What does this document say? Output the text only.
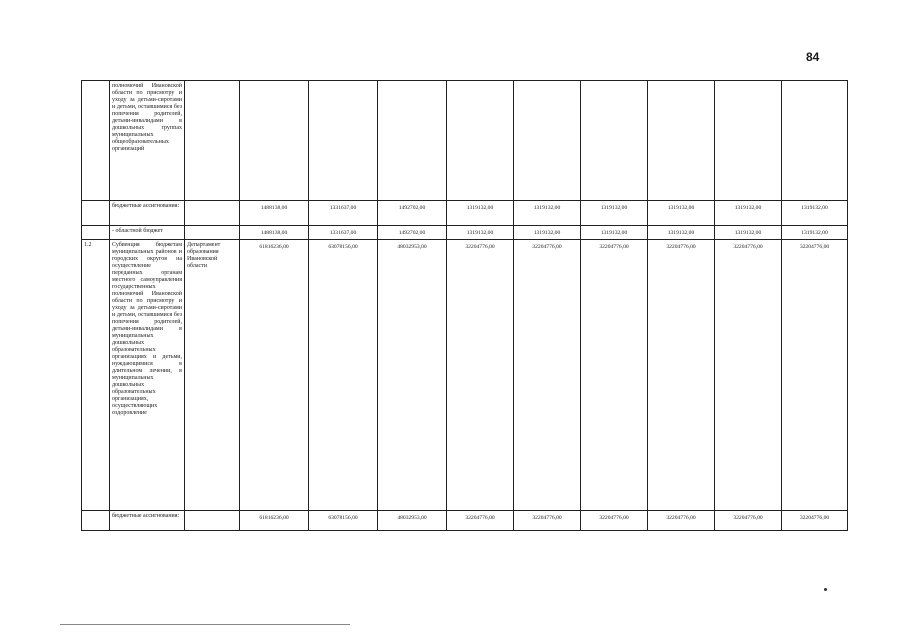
84
	полномочий Ивановской области по присмотру и уходу за детьми-сиротами и детьми, оставшимися без попечения родителей, детьми-инвалидами в дошкольных группах муниципальных общеобразовательных организаций										
	бюджетные ассигнования:		1488138,00	1331637,00	1492702,00	1319132,00	1319132,00	1319132,00	1319132,00	1319132,00	1319132,00
	- областной бюджет		1488138,00	1331637,00	1492702,00	1319132,00	1319132,00	1319132,00	1319132,00	1319132,00	1319132,00
1.2	Субвенция бюджетам муниципальных районов и городских округов на осуществление переданных органам местного самоуправления государственных полномочий Ивановской области по присмотру и уходу за детьми-сиротами и детьми, оставшимися без попечения родителей, детьми-инвалидами в муниципальных дошкольных образовательных организациях и детьми, нуждающимися в длительном лечении, в муниципальных дошкольных образовательных организациях, осуществляющих оздоровление	Департамент образования Ивановской области	61816236,00	63078156,00	48032953,00	32204776,00	32204776,00	32204776,00	32204776,00	32204776,00	32204776,00
	бюджетные ассигнования:		61816236,00	63078156,00	48032953,00	32204776,00	32204776,00	32204776,00	32204776,00	32204776,00	32204776,00
